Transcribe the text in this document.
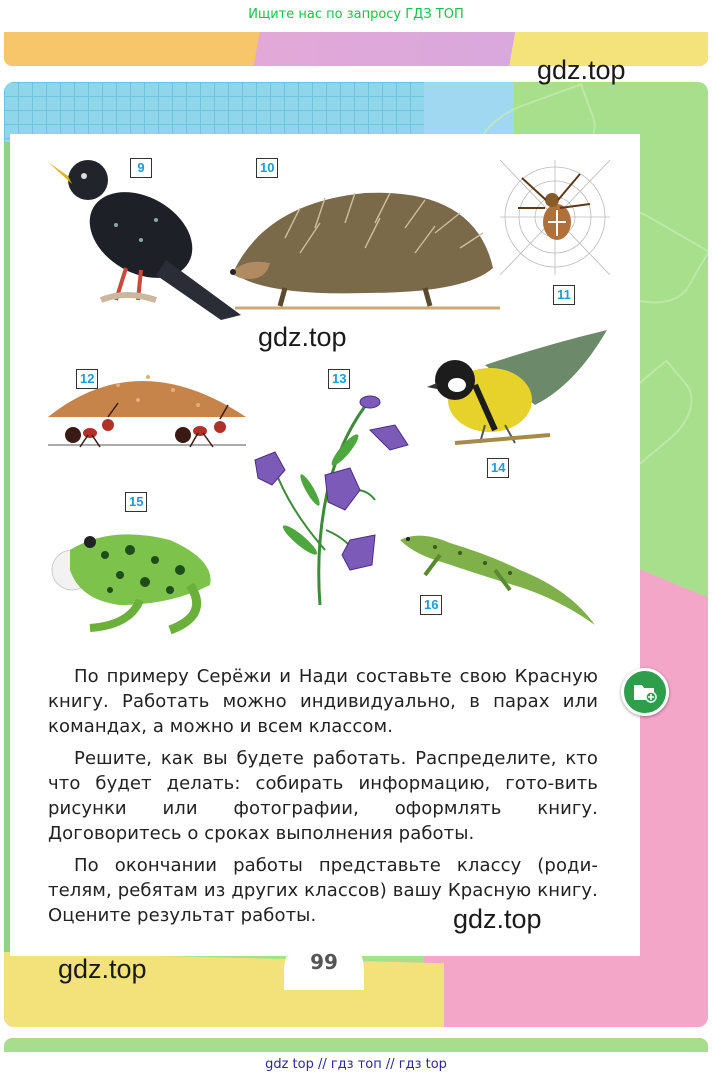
Ищите нас по запросу ГДЗ ТОП
9	10
11
gdz.top
12	13
14
15
16
По примеру Серёжи и Нади составьте свою Красную книгу. Работать можно индивидуально, в парах или командах, а можно и всем классом.
Решите, как вы будете работать. Распределите, кто что будет делать: собирать информацию, гото-вить рисунки или фотографии, оформлять книгу. Договоритесь о сроках выполнения работы.
По окончании работы представьте классу (роди-телям, ребятам из других классов) вашу Красную книгу. Оцените результат работы.
gdz.top
gdz.top
gdz.top	99
gdz top // гдз топ // гдз top
